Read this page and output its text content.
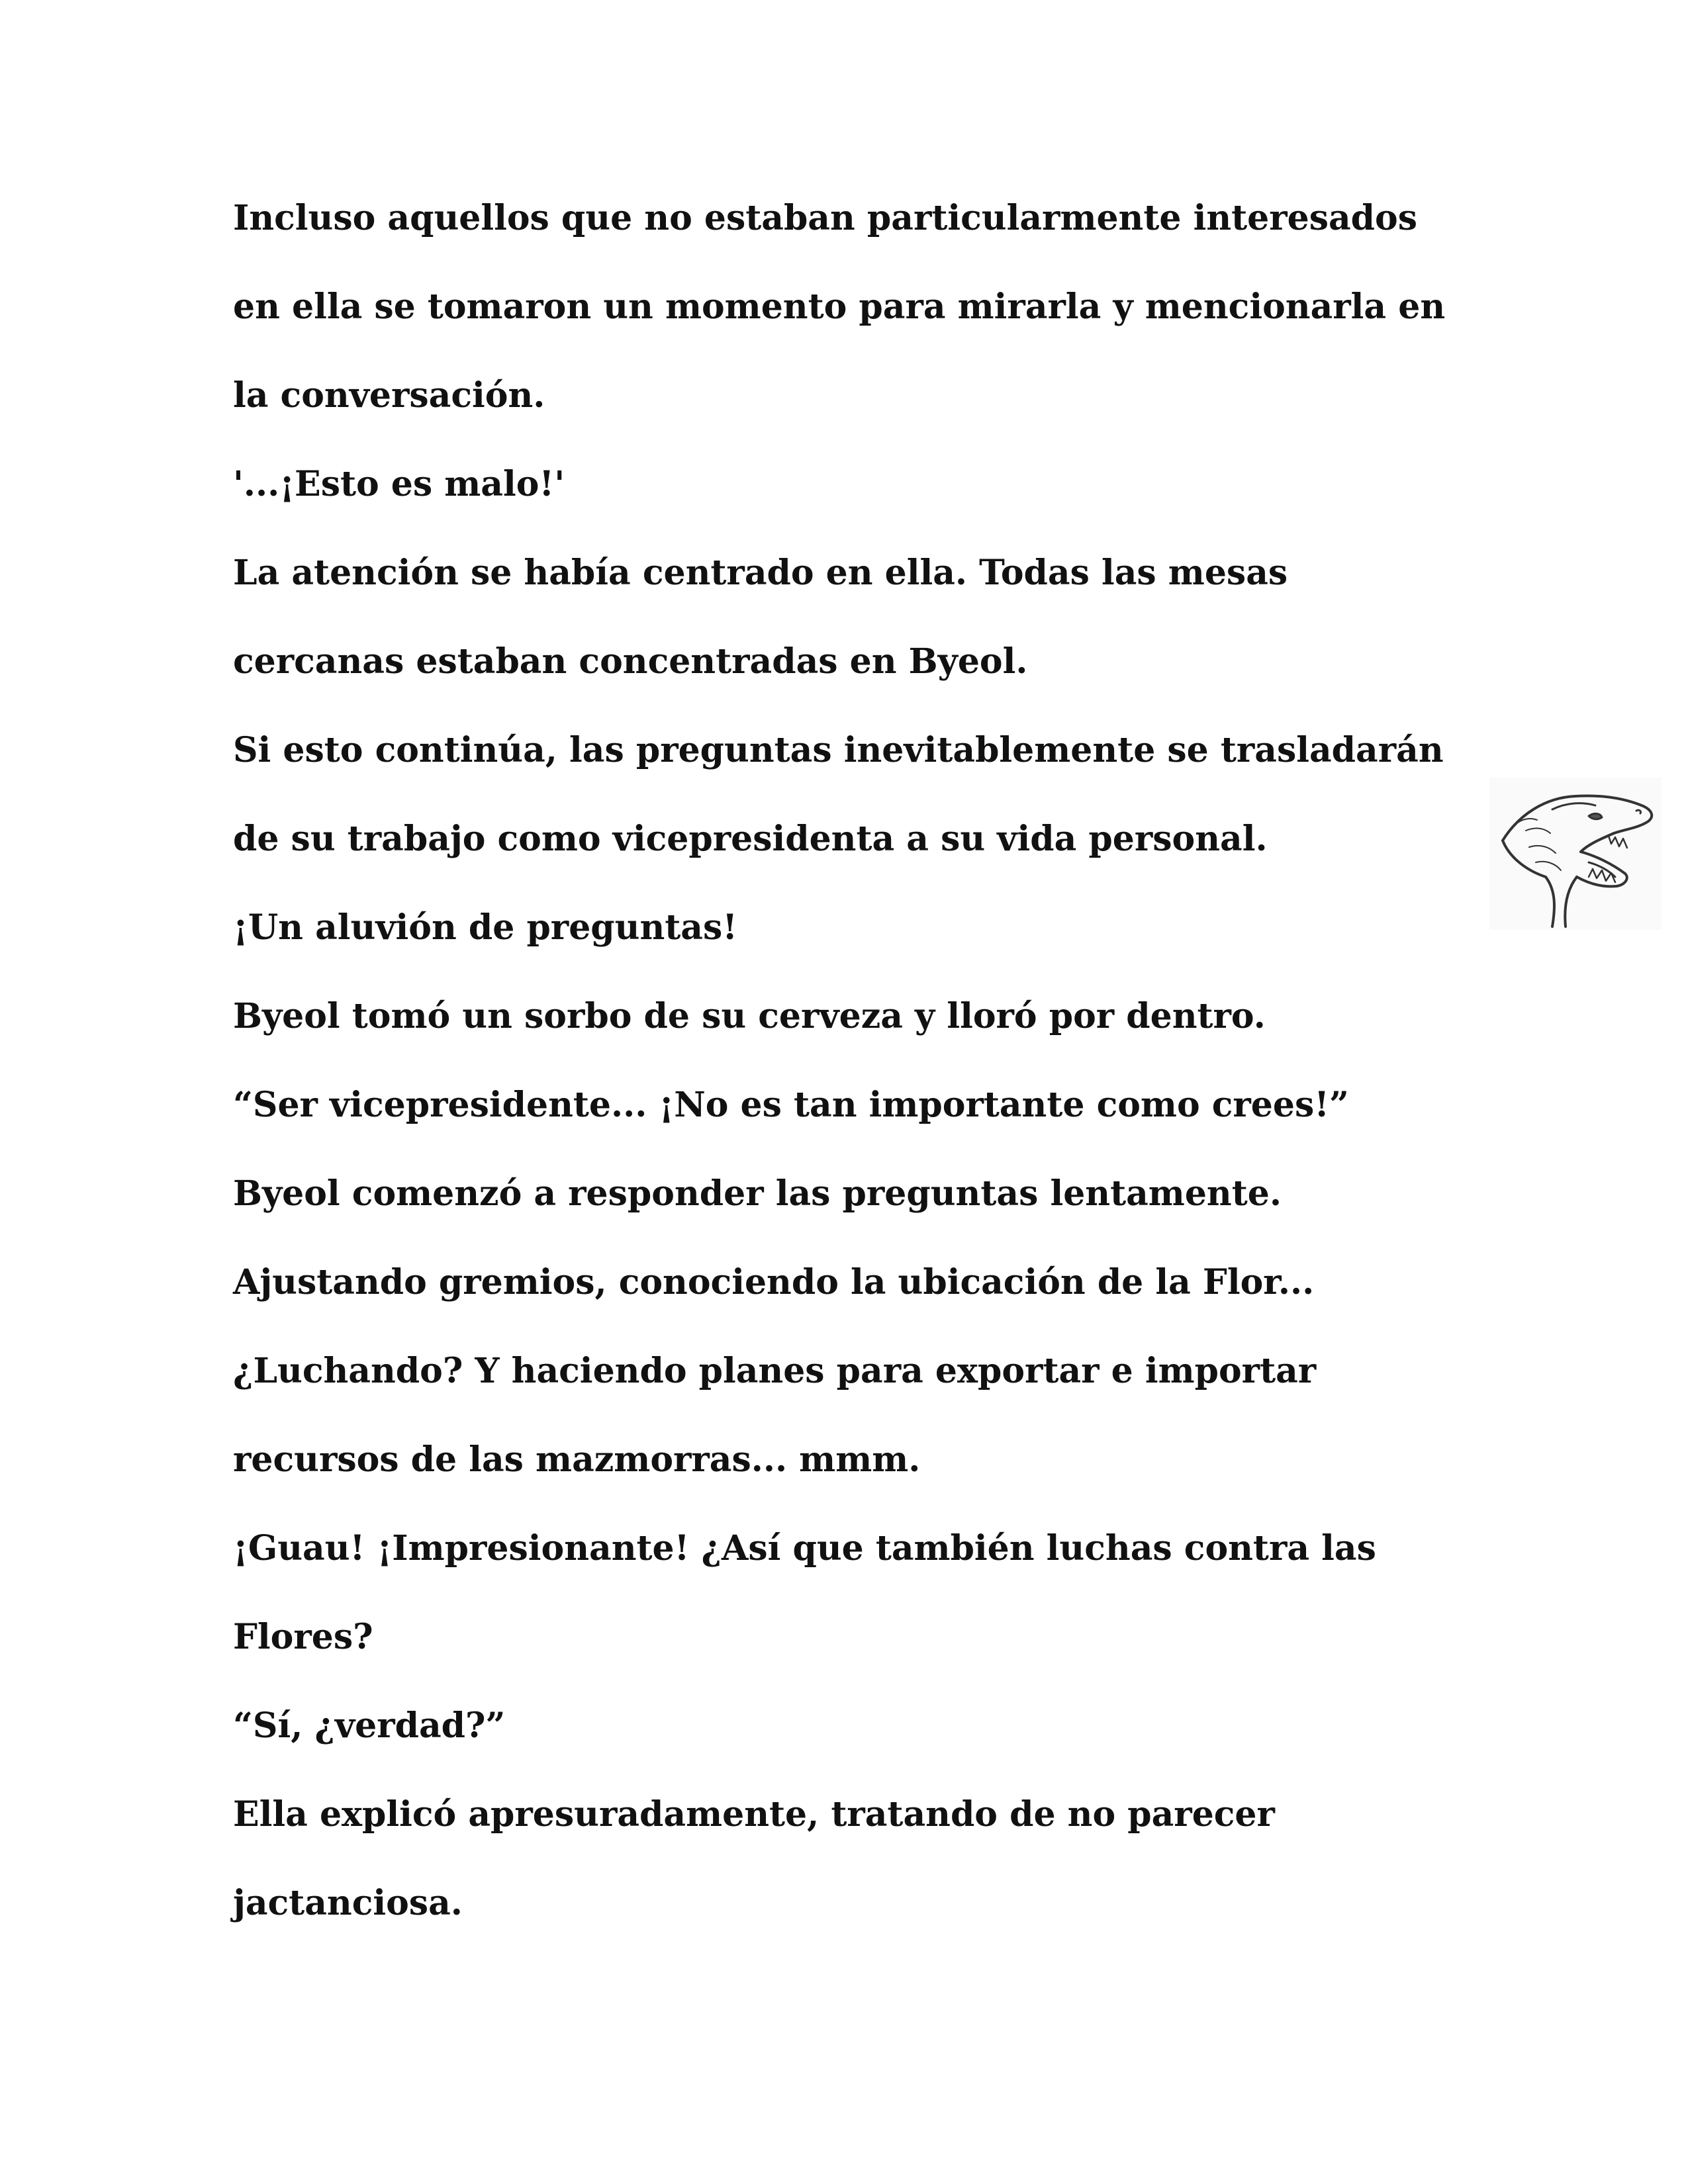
Incluso aquellos que no estaban particularmente interesados
en ella se tomaron un momento para mirarla y mencionarla en
la conversación.
'...¡Esto es malo!'
La atención se había centrado en ella. Todas las mesas
cercanas estaban concentradas en Byeol.
Si esto continúa, las preguntas inevitablemente se trasladarán
de su trabajo como vicepresidenta a su vida personal.
¡Un aluvión de preguntas!
Byeol tomó un sorbo de su cerveza y lloró por dentro.
“Ser vicepresidente... ¡No es tan importante como crees!”
Byeol comenzó a responder las preguntas lentamente.
Ajustando gremios, conociendo la ubicación de la Flor...
¿Luchando? Y haciendo planes para exportar e importar
recursos de las mazmorras... mmm.
¡Guau! ¡Impresionante! ¿Así que también luchas contra las
Flores?
“Sí, ¿verdad?”
Ella explicó apresuradamente, tratando de no parecer
jactanciosa.
